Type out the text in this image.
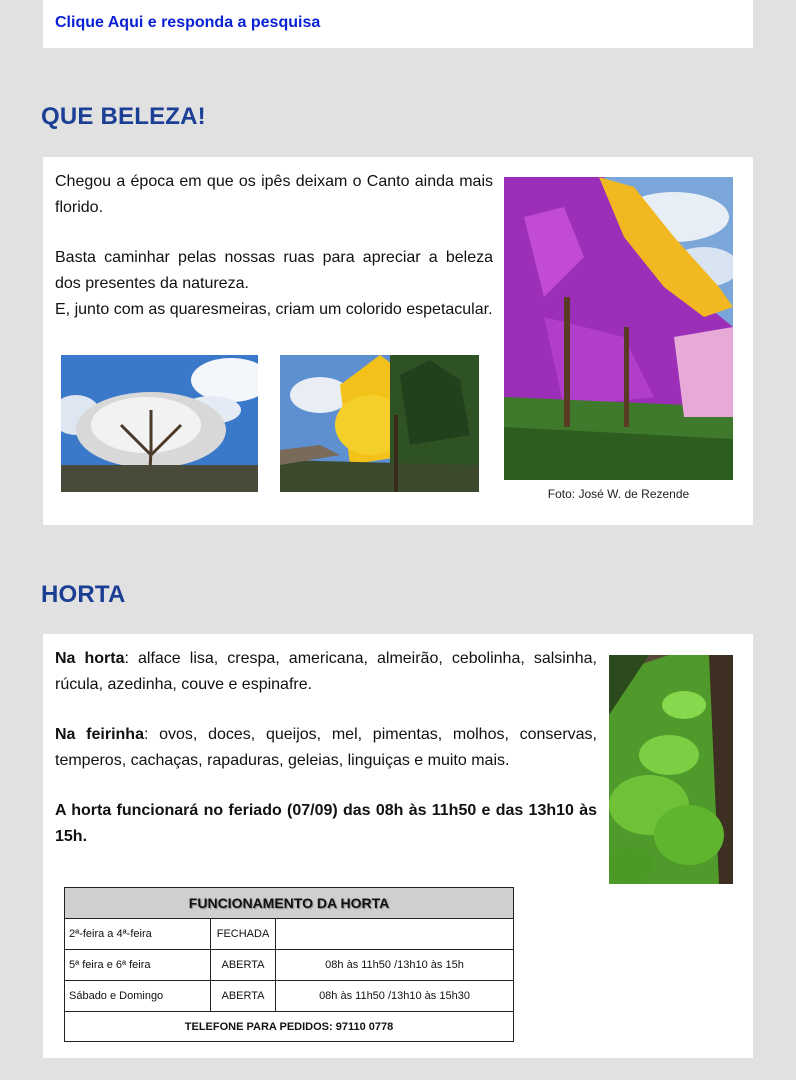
Clique Aqui e responda a pesquisa
QUE BELEZA!

Chegou a época em que os ipês deixam o Canto ainda mais florido.

Basta caminhar pelas nossas ruas para apreciar a beleza dos presentes da natureza.

E, junto com as quaresmeiras, criam um colorido espetacular.

Foto: José W. de Rezende
HORTA

Na horta: alface lisa, crespa, americana, almeirão, cebolinha, salsinha, rúcula, azedinha, couve e espinafre.

Na feirinha: ovos, doces, queijos, mel, pimentas, molhos, conservas, temperos, cachaças, rapaduras, geleias, linguiças e muito mais.

A horta funcionará no feriado (07/09) das 08h às 11h50 e das 13h10 às 15h.

FUNCIONAMENTO DA HORTA		
2ª-feira a 4ª-feira	FECHADA	
5ª feira e 6ª feira	ABERTA	08h às 11h50 /13h10 às 15h
Sábado e Domingo	ABERTA	08h às 11h50 /13h10 às 15h30
TELEFONE PARA PEDIDOS: 97110 0778		
